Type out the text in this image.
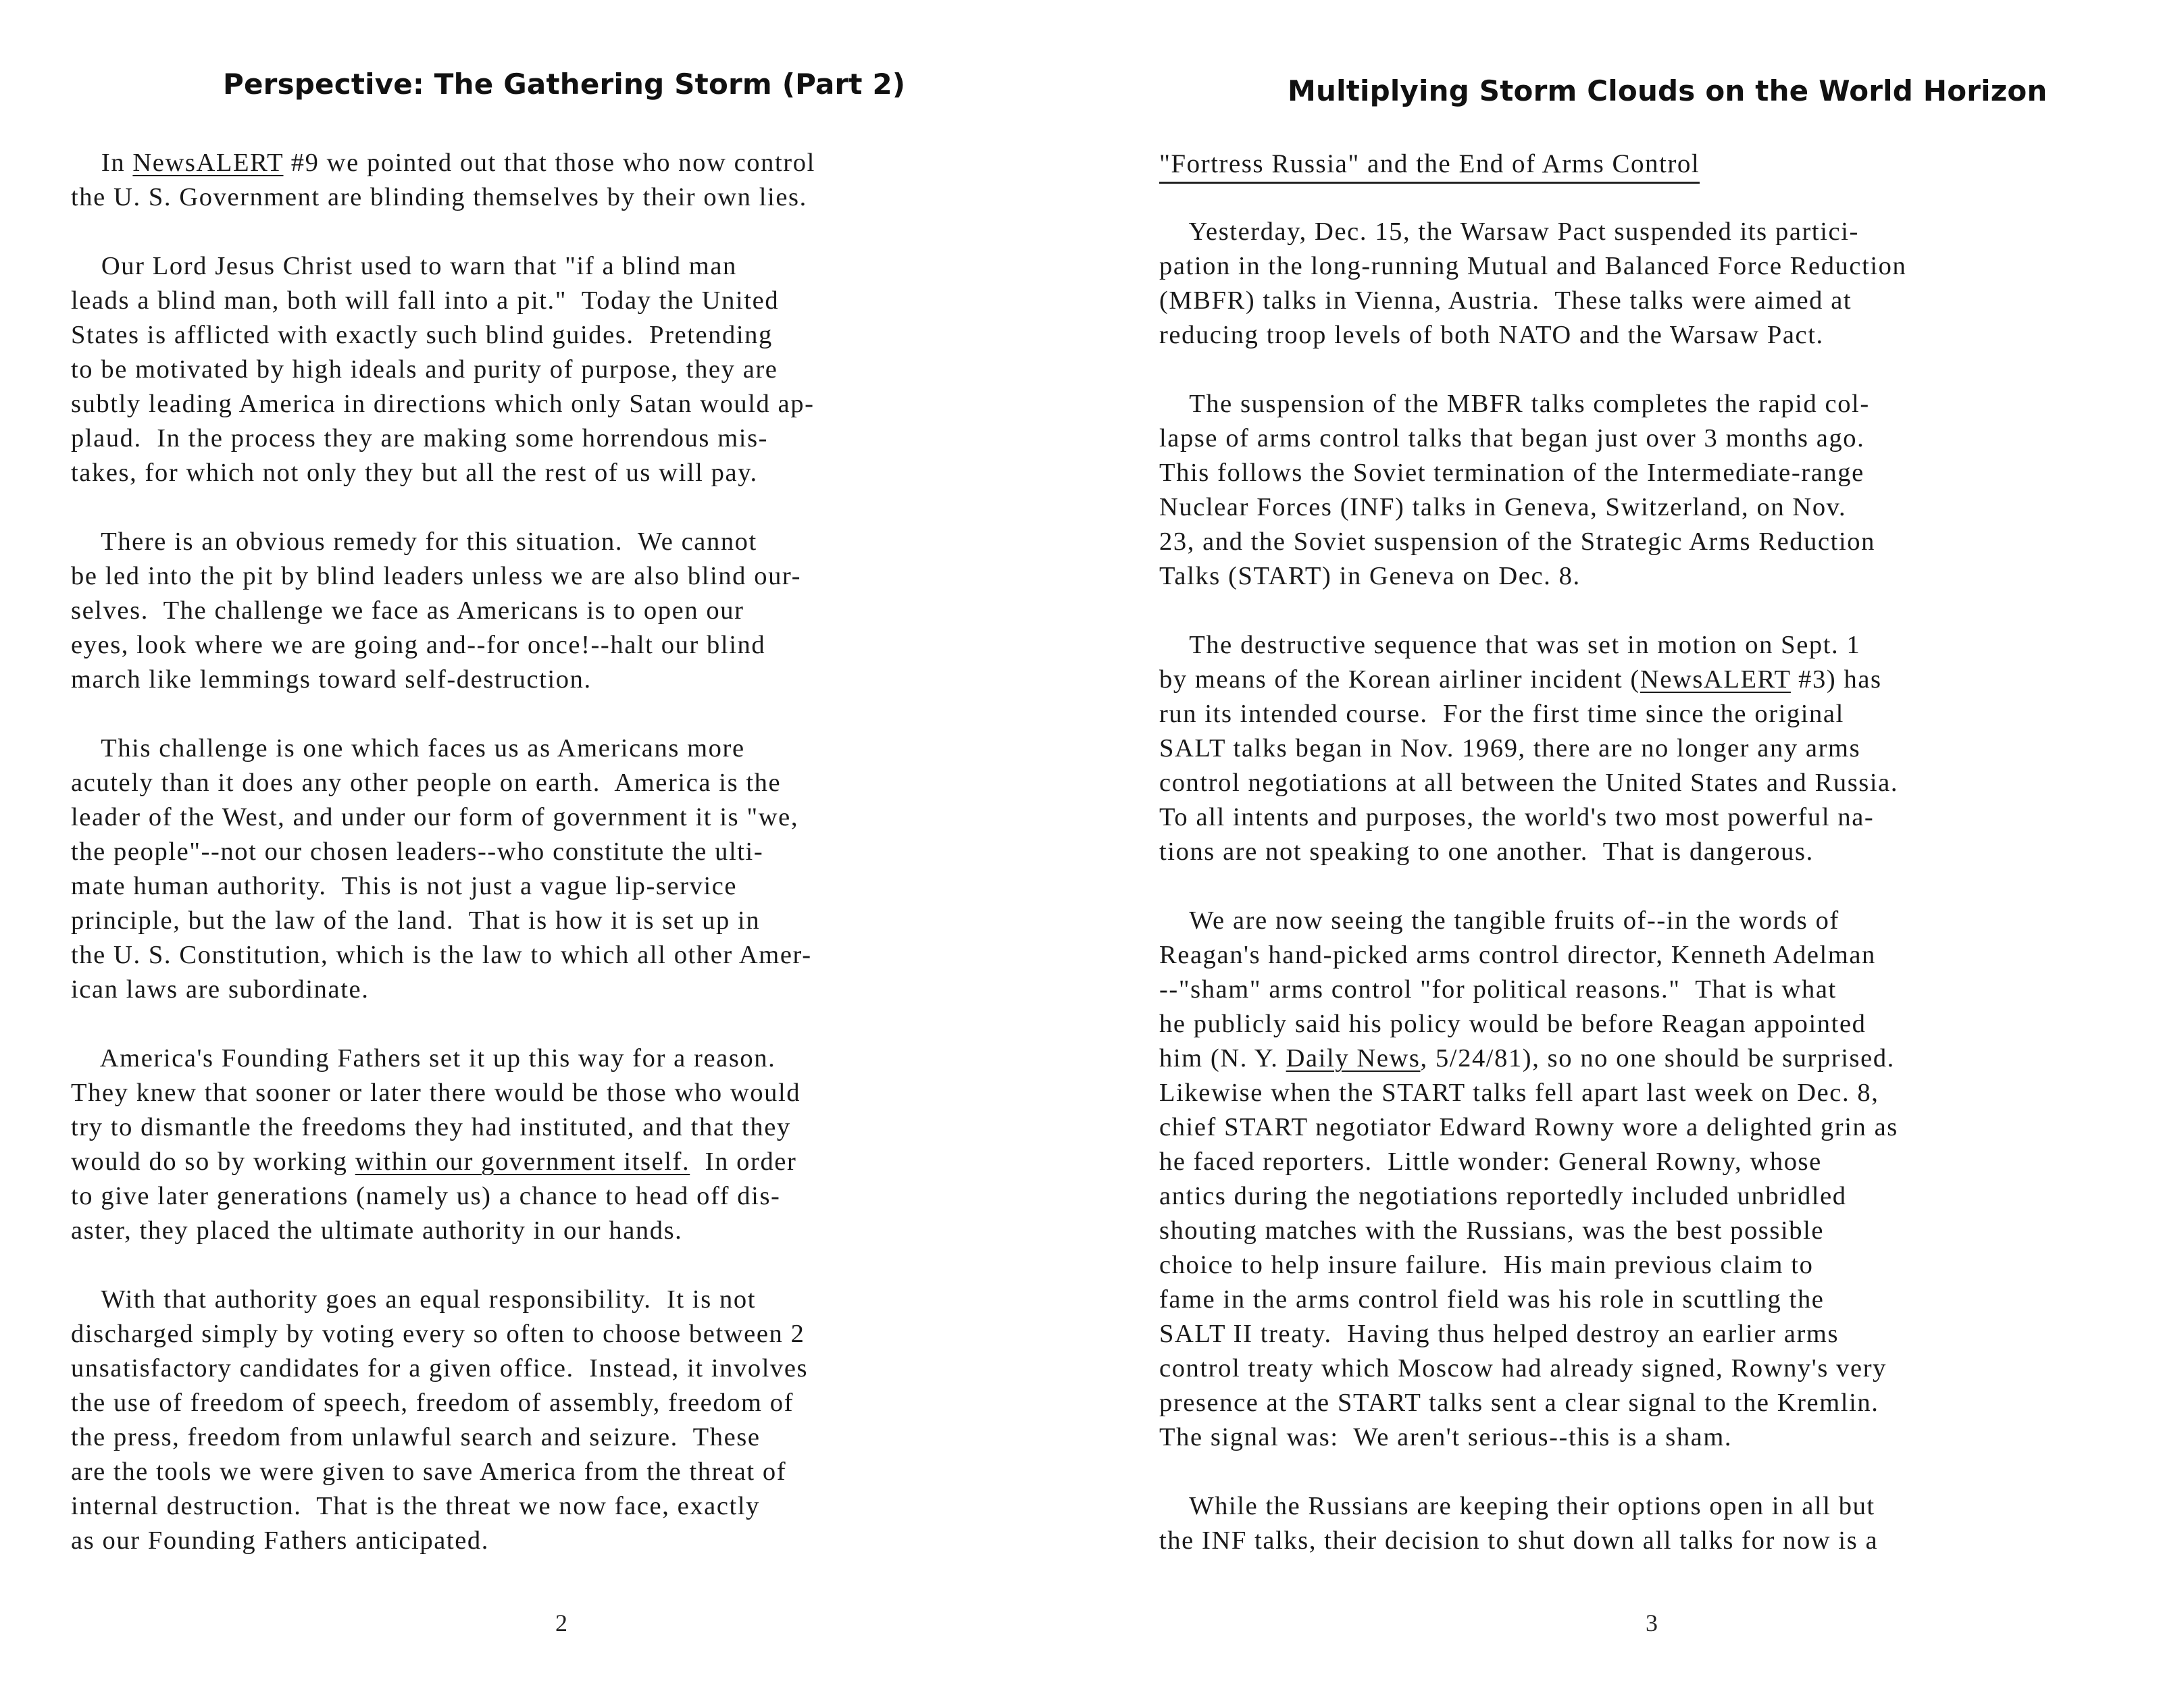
Perspective: The Gathering Storm (Part 2)
In NewsALERT #9 we pointed out that those who now control
the U. S. Government are blinding themselves by their own lies.
Our Lord Jesus Christ used to warn that "if a blind man
leads a blind man, both will fall into a pit."  Today the United
States is afflicted with exactly such blind guides.  Pretending
to be motivated by high ideals and purity of purpose, they are
subtly leading America in directions which only Satan would ap-
plaud.  In the process they are making some horrendous mis-
takes, for which not only they but all the rest of us will pay.
There is an obvious remedy for this situation.  We cannot
be led into the pit by blind leaders unless we are also blind our-
selves.  The challenge we face as Americans is to open our
eyes, look where we are going and--for once!--halt our blind
march like lemmings toward self-destruction.
This challenge is one which faces us as Americans more
acutely than it does any other people on earth.  America is the
leader of the West, and under our form of government it is "we,
the people"--not our chosen leaders--who constitute the ulti-
mate human authority.  This is not just a vague lip-service
principle, but the law of the land.  That is how it is set up in
the U. S. Constitution, which is the law to which all other Amer-
ican laws are subordinate.
America's Founding Fathers set it up this way for a reason.
They knew that sooner or later there would be those who would
try to dismantle the freedoms they had instituted, and that they
would do so by working within our government itself.  In order
to give later generations (namely us) a chance to head off dis-
aster, they placed the ultimate authority in our hands.
With that authority goes an equal responsibility.  It is not
discharged simply by voting every so often to choose between 2
unsatisfactory candidates for a given office.  Instead, it involves
the use of freedom of speech, freedom of assembly, freedom of
the press, freedom from unlawful search and seizure.  These
are the tools we were given to save America from the threat of
internal destruction.  That is the threat we now face, exactly
as our Founding Fathers anticipated.
2
Multiplying Storm Clouds on the World Horizon
"Fortress Russia" and the End of Arms Control
Yesterday, Dec. 15, the Warsaw Pact suspended its partici-
pation in the long-running Mutual and Balanced Force Reduction
(MBFR) talks in Vienna, Austria.  These talks were aimed at
reducing troop levels of both NATO and the Warsaw Pact.
The suspension of the MBFR talks completes the rapid col-
lapse of arms control talks that began just over 3 months ago.
This follows the Soviet termination of the Intermediate-range
Nuclear Forces (INF) talks in Geneva, Switzerland, on Nov.
23, and the Soviet suspension of the Strategic Arms Reduction
Talks (START) in Geneva on Dec. 8.
The destructive sequence that was set in motion on Sept. 1
by means of the Korean airliner incident (NewsALERT #3) has
run its intended course.  For the first time since the original
SALT talks began in Nov. 1969, there are no longer any arms
control negotiations at all between the United States and Russia.
To all intents and purposes, the world's two most powerful na-
tions are not speaking to one another.  That is dangerous.
We are now seeing the tangible fruits of--in the words of
Reagan's hand-picked arms control director, Kenneth Adelman
--"sham" arms control "for political reasons."  That is what
he publicly said his policy would be before Reagan appointed
him (N. Y. Daily News, 5/24/81), so no one should be surprised.
Likewise when the START talks fell apart last week on Dec. 8,
chief START negotiator Edward Rowny wore a delighted grin as
he faced reporters.  Little wonder: General Rowny, whose
antics during the negotiations reportedly included unbridled
shouting matches with the Russians, was the best possible
choice to help insure failure.  His main previous claim to
fame in the arms control field was his role in scuttling the
SALT II treaty.  Having thus helped destroy an earlier arms
control treaty which Moscow had already signed, Rowny's very
presence at the START talks sent a clear signal to the Kremlin.
The signal was:  We aren't serious--this is a sham.
While the Russians are keeping their options open in all but
the INF talks, their decision to shut down all talks for now is a
3
